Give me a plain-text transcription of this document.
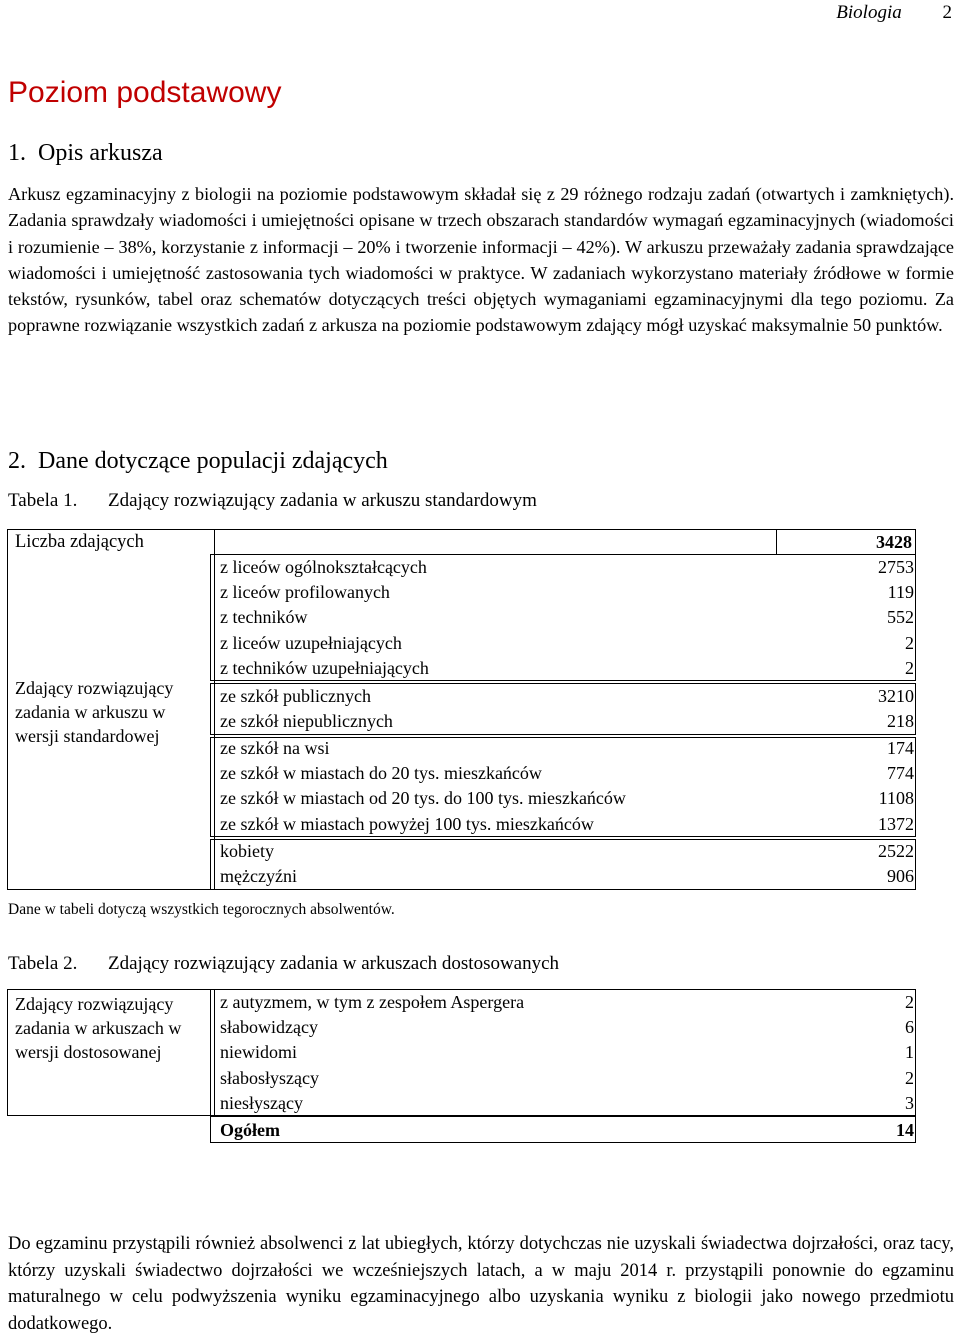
Biologia 2
Poziom podstawowy
1.  Opis arkusza
Arkusz egzaminacyjny z biologii na poziomie podstawowym składał się z 29 różnego rodzaju zadań (otwartych i zamkniętych). Zadania sprawdzały wiadomości i umiejętności opisane w trzech obszarach standardów wymagań egzaminacyjnych (wiadomości i rozumienie – 38%, korzystanie z informacji – 20% i tworzenie informacji – 42%). W arkuszu przeważały zadania sprawdzające wiadomości i umiejętność zastosowania tych wiadomości w praktyce. W zadaniach wykorzystano materiały źródłowe w formie tekstów, rysunków, tabel oraz schematów dotyczących treści objętych wymaganiami egzaminacyjnymi dla tego poziomu. Za poprawne rozwiązanie wszystkich zadań z arkusza na poziomie podstawowym zdający mógł uzyskać maksymalnie 50 punktów.
2.  Dane dotyczące populacji zdających
Tabela 1. Zdający rozwiązujący zadania w arkuszu standardowym
Liczba zdających	3428
Zdający rozwiązujący zadania w arkuszu w wersji standardowej
z liceów ogólnokształcących	2753
z liceów profilowanych	119
z techników	552
z liceów uzupełniających	2
z techników uzupełniających	2
ze szkół publicznych	3210
ze szkół niepublicznych	218
ze szkół na wsi	174
ze szkół w miastach do 20 tys. mieszkańców	774
ze szkół w miastach od 20 tys. do 100 tys. mieszkańców	1108
ze szkół w miastach powyżej 100 tys. mieszkańców	1372
kobiety	2522
mężczyźni	906
Dane w tabeli dotyczą wszystkich tegorocznych absolwentów.
Tabela 2. Zdający rozwiązujący zadania w arkuszach dostosowanych
Zdający rozwiązujący zadania w arkuszach w wersji dostosowanej
z autyzmem, w tym z zespołem Aspergera	2
słabowidzący	6
niewidomi	1
słabosłyszący	2
niesłyszący	3
Ogółem	14
Do egzaminu przystąpili również absolwenci z lat ubiegłych, którzy dotychczas nie uzyskali świadectwa dojrzałości, oraz tacy, którzy uzyskali świadectwo dojrzałości we wcześniejszych latach, a w maju 2014 r. przystąpili ponownie do egzaminu maturalnego w celu podwyższenia wyniku egzaminacyjnego albo uzyskania wyniku z biologii jako nowego przedmiotu dodatkowego.
